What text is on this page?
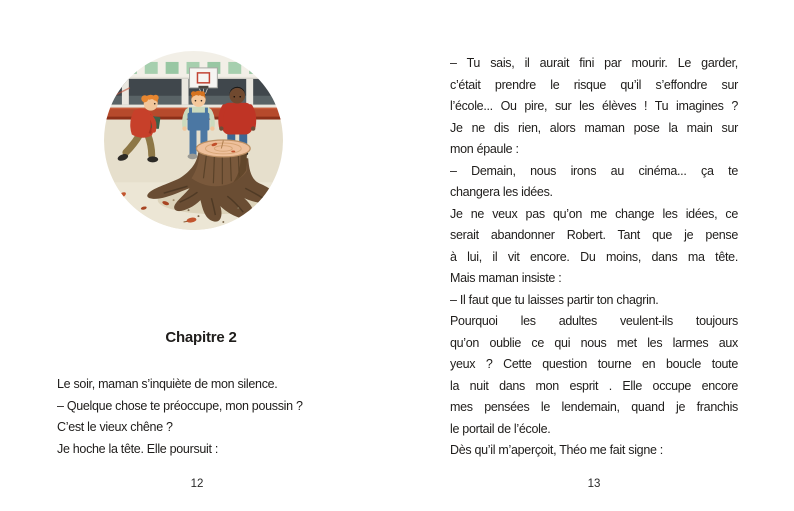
Chapitre 2
Le soir, maman s’inquiète de mon silence.
– Quelque chose te préoccupe, mon poussin ?
C’est le vieux chêne ?
Je hoche la tête. Elle poursuit :
12
– Tu sais, il aurait fini par mourir. Le garder,
c’était prendre le risque qu’il s’effondre sur
l’école... Ou pire, sur les élèves ! Tu imagines ?
Je ne dis rien, alors maman pose la main sur
mon épaule :
– Demain, nous irons au cinéma... ça te
changera les idées.
Je ne veux pas qu’on me change les idées, ce
serait abandonner Robert. Tant que je pense
à lui, il vit encore. Du moins, dans ma tête.
Mais maman insiste :
– Il faut que tu laisses partir ton chagrin.
Pourquoi les adultes veulent-ils toujours
qu’on oublie ce qui nous met les larmes aux
yeux ? Cette question tourne en boucle toute
la nuit dans mon esprit . Elle occupe encore
mes pensées le lendemain, quand je franchis
le portail de l’école.
Dès qu’il m’aperçoit, Théo me fait signe :
13
